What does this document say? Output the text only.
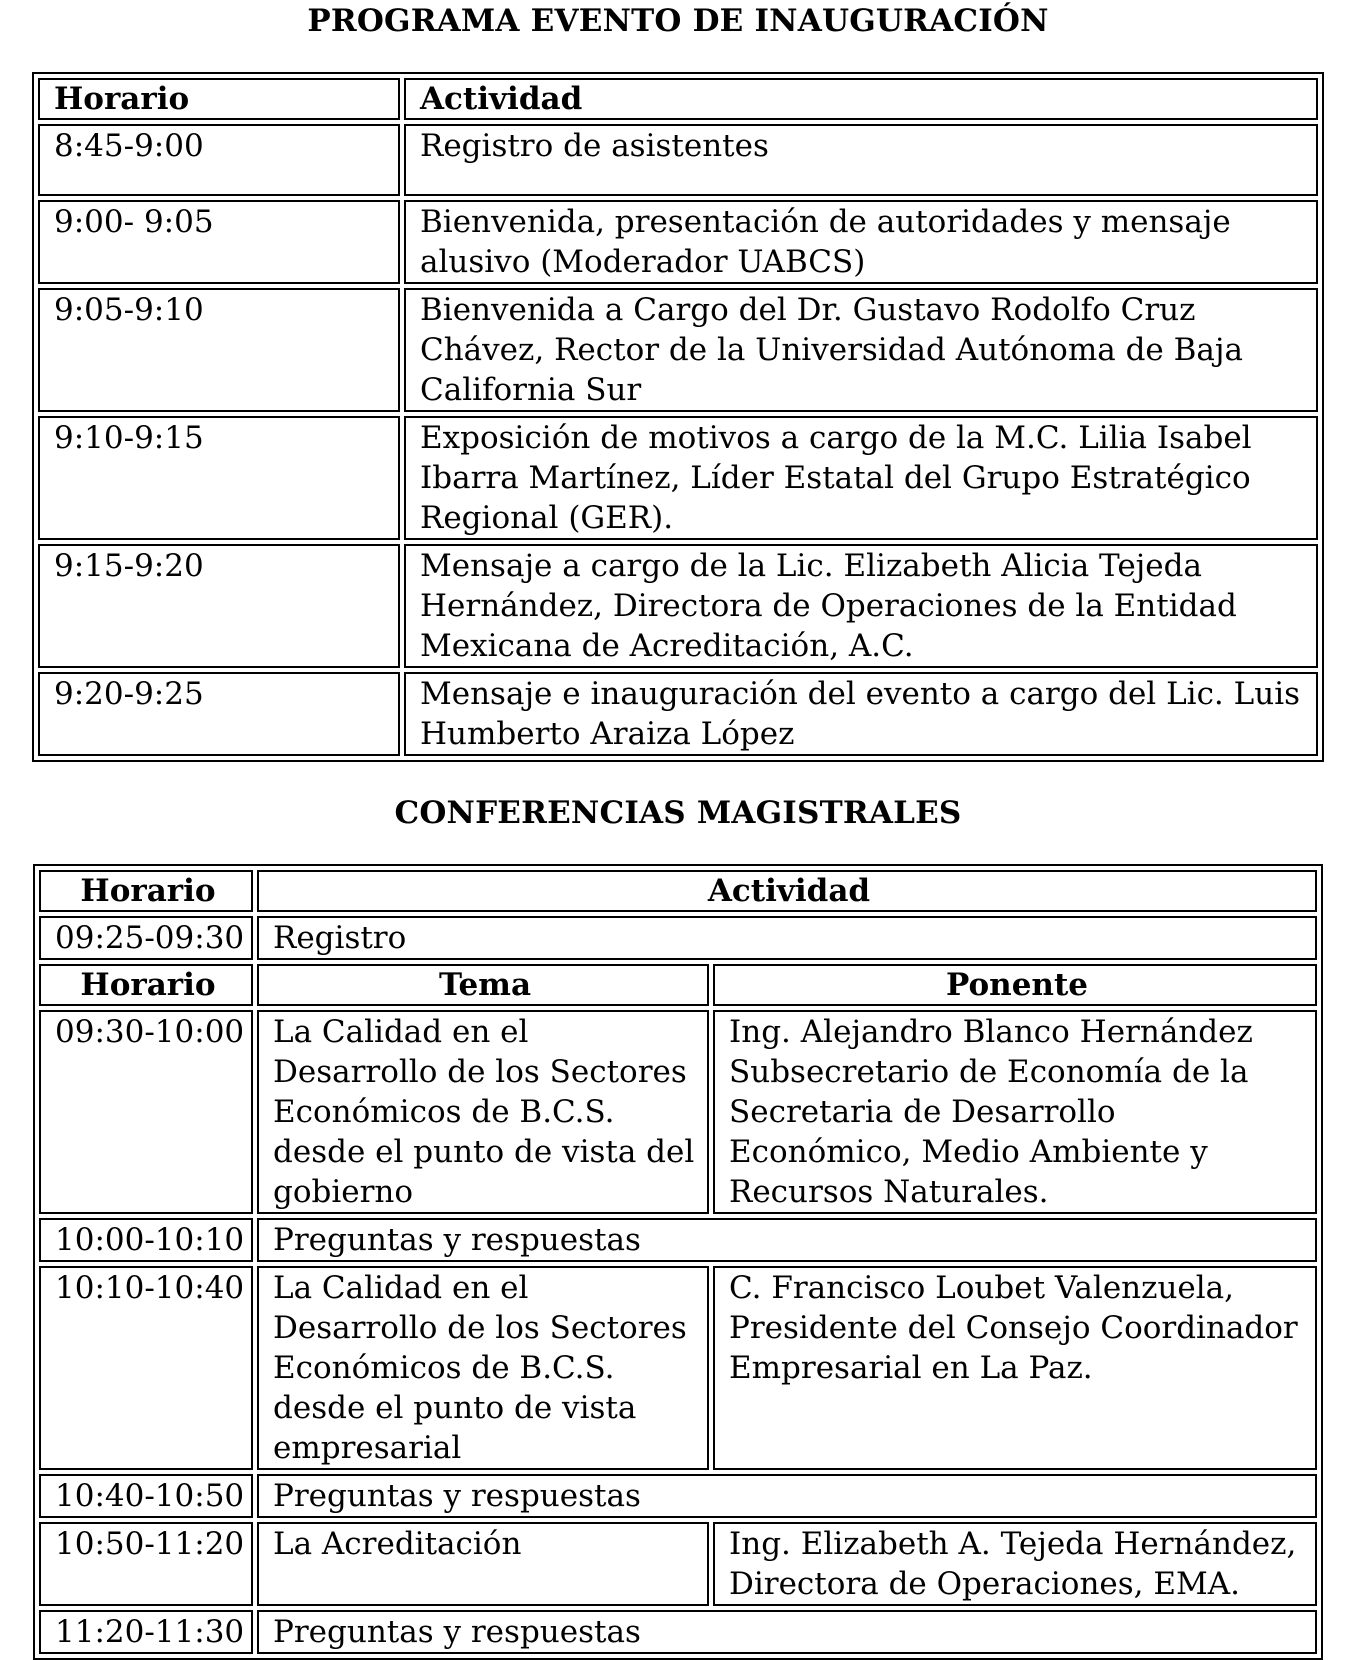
PROGRAMA EVENTO DE INAUGURACIÓN
Horario	Actividad
8:45-9:00	Registro de asistentes
9:00- 9:05	Bienvenida, presentación de autoridades y mensaje alusivo (Moderador UABCS)
9:05-9:10	Bienvenida a Cargo del Dr. Gustavo Rodolfo Cruz Chávez, Rector de la Universidad Autónoma de Baja California Sur
9:10-9:15	Exposición de motivos a cargo de la M.C. Lilia Isabel Ibarra Martínez, Líder Estatal del Grupo Estratégico Regional (GER).
9:15-9:20	Mensaje a cargo de la Lic. Elizabeth Alicia Tejeda Hernández, Directora de Operaciones de la Entidad Mexicana de Acreditación, A.C.
9:20-9:25	Mensaje e inauguración del evento a cargo del Lic. Luis Humberto Araiza López
CONFERENCIAS MAGISTRALES
Horario	Actividad	
09:25-09:30	Registro	
Horario	Tema	Ponente
09:30-10:00	La Calidad en el Desarrollo de los Sectores Económicos de B.C.S. desde el punto de vista del gobierno	Ing. Alejandro Blanco Hernández Subsecretario de Economía de la Secretaria de Desarrollo Económico, Medio Ambiente y Recursos Naturales.
10:00-10:10	Preguntas y respuestas	
10:10-10:40	La Calidad en el Desarrollo de los Sectores Económicos de B.C.S. desde el punto de vista empresarial	C. Francisco Loubet Valenzuela, Presidente del Consejo Coordinador Empresarial en La Paz.
10:40-10:50	Preguntas y respuestas	
10:50-11:20	La Acreditación	Ing. Elizabeth A. Tejeda Hernández, Directora de Operaciones, EMA.
11:20-11:30	Preguntas y respuestas	
